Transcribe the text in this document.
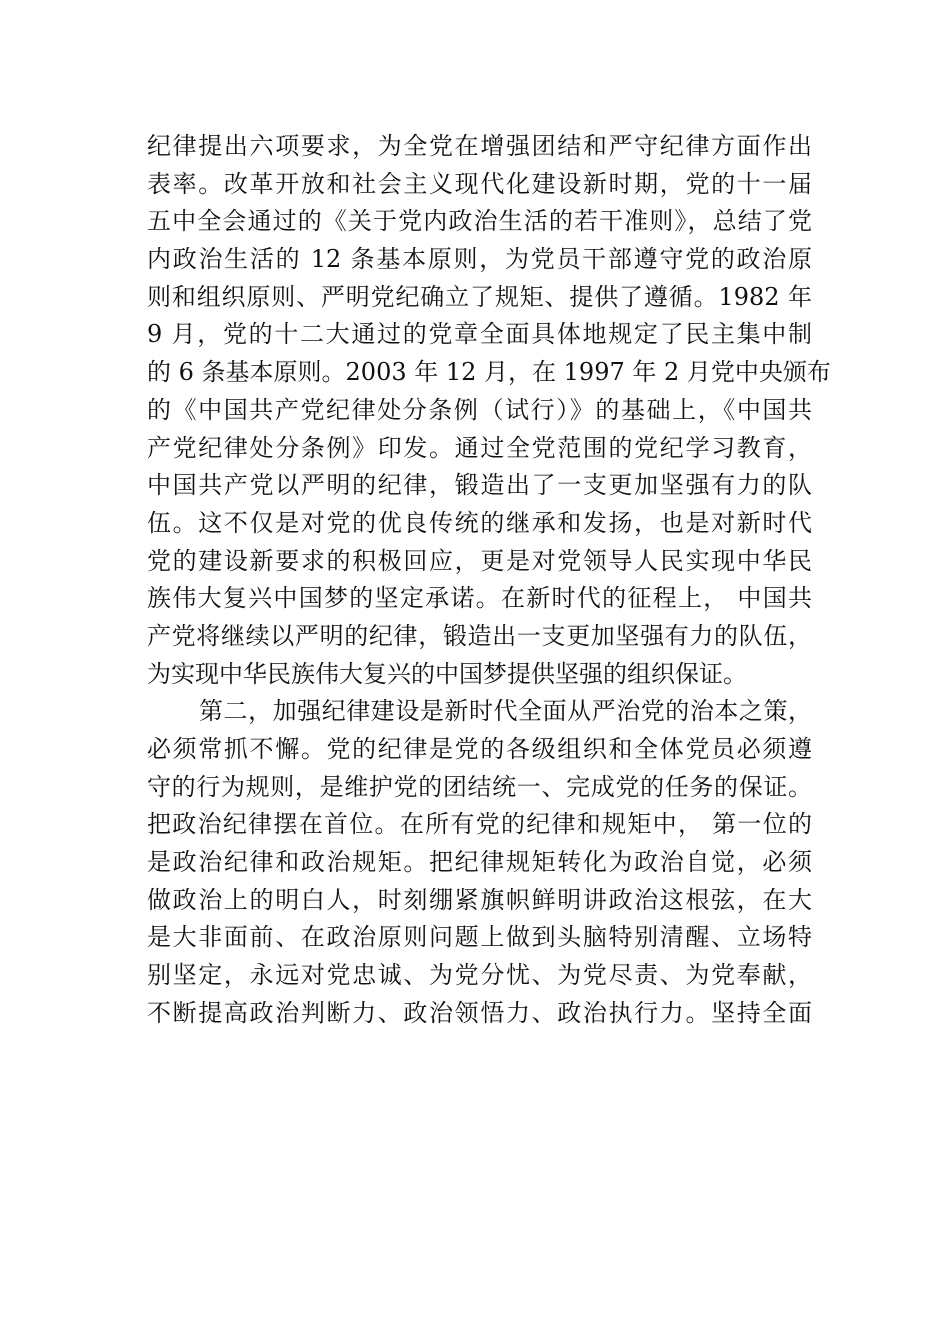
纪律提出六项要求，为全党在增强团结和严守纪律方面作出
表率。改革开放和社会主义现代化建设新时期，党的十一届
五中全会通过的《关于党内政治生活的若干准则》，总结了党
内政治生活的 12 条基本原则，为党员干部遵守党的政治原
则和组织原则、严明党纪确立了规矩、提供了遵循。1982 年
9 月，党的十二大通过的党章全面具体地规定了民主集中制
的 6 条基本原则。2003 年 12 月，在 1997 年 2 月党中央颁布
的《中国共产党纪律处分条例（试行）》的基础上，《中国共
产党纪律处分条例》印发。通过全党范围的党纪学习教育，
中国共产党以严明的纪律，锻造出了一支更加坚强有力的队
伍。这不仅是对党的优良传统的继承和发扬，也是对新时代
党的建设新要求的积极回应，更是对党领导人民实现中华民
族伟大复兴中国梦的坚定承诺。在新时代的征程上， 中国共
产党将继续以严明的纪律，锻造出一支更加坚强有力的队伍，
为实现中华民族伟大复兴的中国梦提供坚强的组织保证。
第二，加强纪律建设是新时代全面从严治党的治本之策，
必须常抓不懈。党的纪律是党的各级组织和全体党员必须遵
守的行为规则，是维护党的团结统一、完成党的任务的保证。
把政治纪律摆在首位。在所有党的纪律和规矩中， 第一位的
是政治纪律和政治规矩。把纪律规矩转化为政治自觉，必须
做政治上的明白人，时刻绷紧旗帜鲜明讲政治这根弦，在大
是大非面前、在政治原则问题上做到头脑特别清醒、立场特
别坚定，永远对党忠诚、为党分忧、为党尽责、为党奉献，
不断提高政治判断力、政治领悟力、政治执行力。坚持全面
